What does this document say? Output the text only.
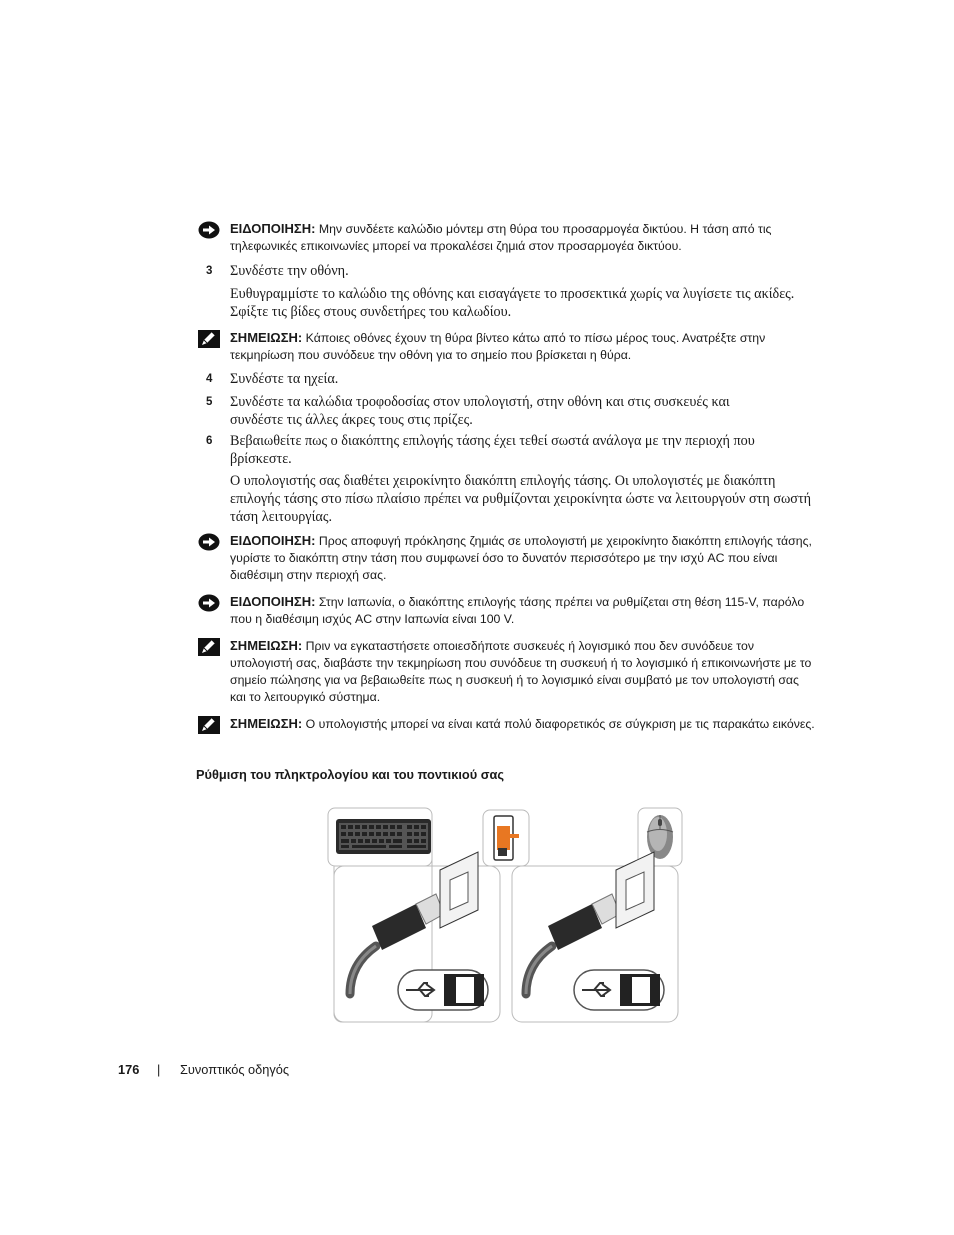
ΕΙΔΟΠΟΙΗΣΗ: Μην συνδέετε καλώδιο μόντεμ στη θύρα του προσαρμογέα δικτύου. Η τάση από τις τηλεφωνικές επικοινωνίες μπορεί να προκαλέσει ζημιά στον προσαρμογέα δικτύου.
3 Συνδέστε την οθόνη.
Ευθυγραμμίστε το καλώδιο της οθόνης και εισαγάγετε το προσεκτικά χωρίς να λυγίσετε τις ακίδες. Σφίξτε τις βίδες στους συνδετήρες του καλωδίου.
ΣΗΜΕΙΩΣΗ: Κάποιες οθόνες έχουν τη θύρα βίντεο κάτω από το πίσω μέρος τους. Ανατρέξτε στην τεκμηρίωση που συνόδευε την οθόνη για το σημείο που βρίσκεται η θύρα.
4 Συνδέστε τα ηχεία.
5 Συνδέστε τα καλώδια τροφοδοσίας στον υπολογιστή, στην οθόνη και στις συσκευές και συνδέστε τις άλλες άκρες τους στις πρίζες.
6 Βεβαιωθείτε πως ο διακόπτης επιλογής τάσης έχει τεθεί σωστά ανάλογα με την περιοχή που βρίσκεστε.
Ο υπολογιστής σας διαθέτει χειροκίνητο διακόπτη επιλογής τάσης. Οι υπολογιστές με διακόπτη επιλογής τάσης στο πίσω πλαίσιο πρέπει να ρυθμίζονται χειροκίνητα ώστε να λειτουργούν στη σωστή τάση λειτουργίας.
ΕΙΔΟΠΟΙΗΣΗ: Προς αποφυγή πρόκλησης ζημιάς σε υπολογιστή με χειροκίνητο διακόπτη επιλογής τάσης, γυρίστε το διακόπτη στην τάση που συμφωνεί όσο το δυνατόν περισσότερο με την ισχύ AC που είναι διαθέσιμη στην περιοχή σας.
ΕΙΔΟΠΟΙΗΣΗ: Στην Ιαπωνία, ο διακόπτης επιλογής τάσης πρέπει να ρυθμίζεται στη θέση 115-V, παρόλο που η διαθέσιμη ισχύς AC στην Ιαπωνία είναι 100 V.
ΣΗΜΕΙΩΣΗ: Πριν να εγκαταστήσετε οποιεσδήποτε συσκευές ή λογισμικό που δεν συνόδευε τον υπολογιστή σας, διαβάστε την τεκμηρίωση που συνόδευε τη συσκευή ή το λογισμικό ή επικοινωνήστε με το σημείο πώλησης για να βεβαιωθείτε πως η συσκευή ή το λογισμικό είναι συμβατό με τον υπολογιστή σας και το λειτουργικό σύστημα.
ΣΗΜΕΙΩΣΗ: Ο υπολογιστής μπορεί να είναι κατά πολύ διαφορετικός σε σύγκριση με τις παρακάτω εικόνες.
Ρύθμιση του πληκτρολογίου και του ποντικιού σας
176 | Συνοπτικός οδηγός
